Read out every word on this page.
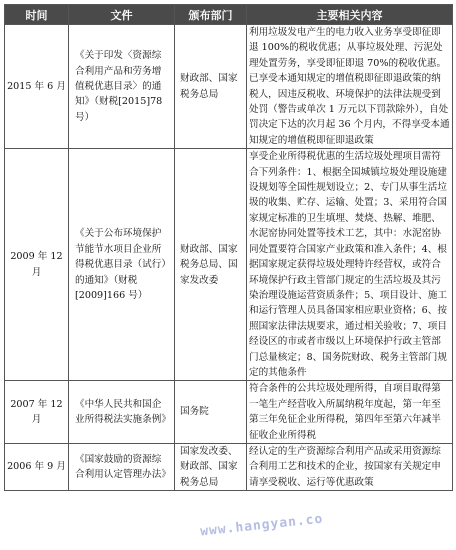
时间	文件	颁布部门	主要相关内容
2015 年 6 月	《关于印发〈资源综合利用产品和劳务增值税优惠目录〉的通知》（财税[2015]78 号）	财政部、国家税务总局	利用垃圾发电产生的电力收入业务享受即征即退 100%的税收优惠；从事垃圾处理、污泥处理处置劳务，享受即征即退 70%的税收优惠。已享受本通知规定的增值税即征即退政策的纳税人，因违反税收、环境保护的法律法规受到处罚（警告或单次 1 万元以下罚款除外），自处罚决定下达的次月起 36 个月内，不得享受本通知规定的增值税即征即退政策
2009 年 12 月	《关于公布环境保护节能节水项目企业所得税优惠目录（试行）的通知》（财税[2009]166 号）	财政部、国家税务总局、国家发改委	享受企业所得税优惠的生活垃圾处理项目需符合下列条件：1、根据全国城镇垃圾处理设施建设规划等全国性规划设立；2、专门从事生活垃圾的收集、贮存、运输、处置；3、采用符合国家规定标准的卫生填埋、焚烧、热解、堆肥、水泥窑协同处置等技术工艺，其中：水泥窑协同处置要符合国家产业政策和准入条件；4、根据国家规定获得垃圾处理特许经营权，或符合环境保护行政主管部门规定的生活垃圾及其污染治理设施运营资质条件；5、项目设计、施工和运行管理人员具备国家相应职业资格；6、按照国家法律法规要求，通过相关验收；7、项目经设区的市或者市级以上环境保护行政主管部门总量核定；8、国务院财政、税务主管部门规定的其他条件
2007 年 12 月	《中华人民共和国企业所得税法实施条例》	国务院	符合条件的公共垃圾处理所得，自项目取得第一笔生产经营收入所属纳税年度起，第一年至第三年免征企业所得税，第四年至第六年减半征收企业所得税
2006 年 9 月	《国家鼓励的资源综合利用认定管理办法》	国家发改委、财政部、国家税务总局	经认定的生产资源综合利用产品或采用资源综合利用工艺和技术的企业，按国家有关规定申请享受税收、运行等优惠政策
www.hangyan.co
